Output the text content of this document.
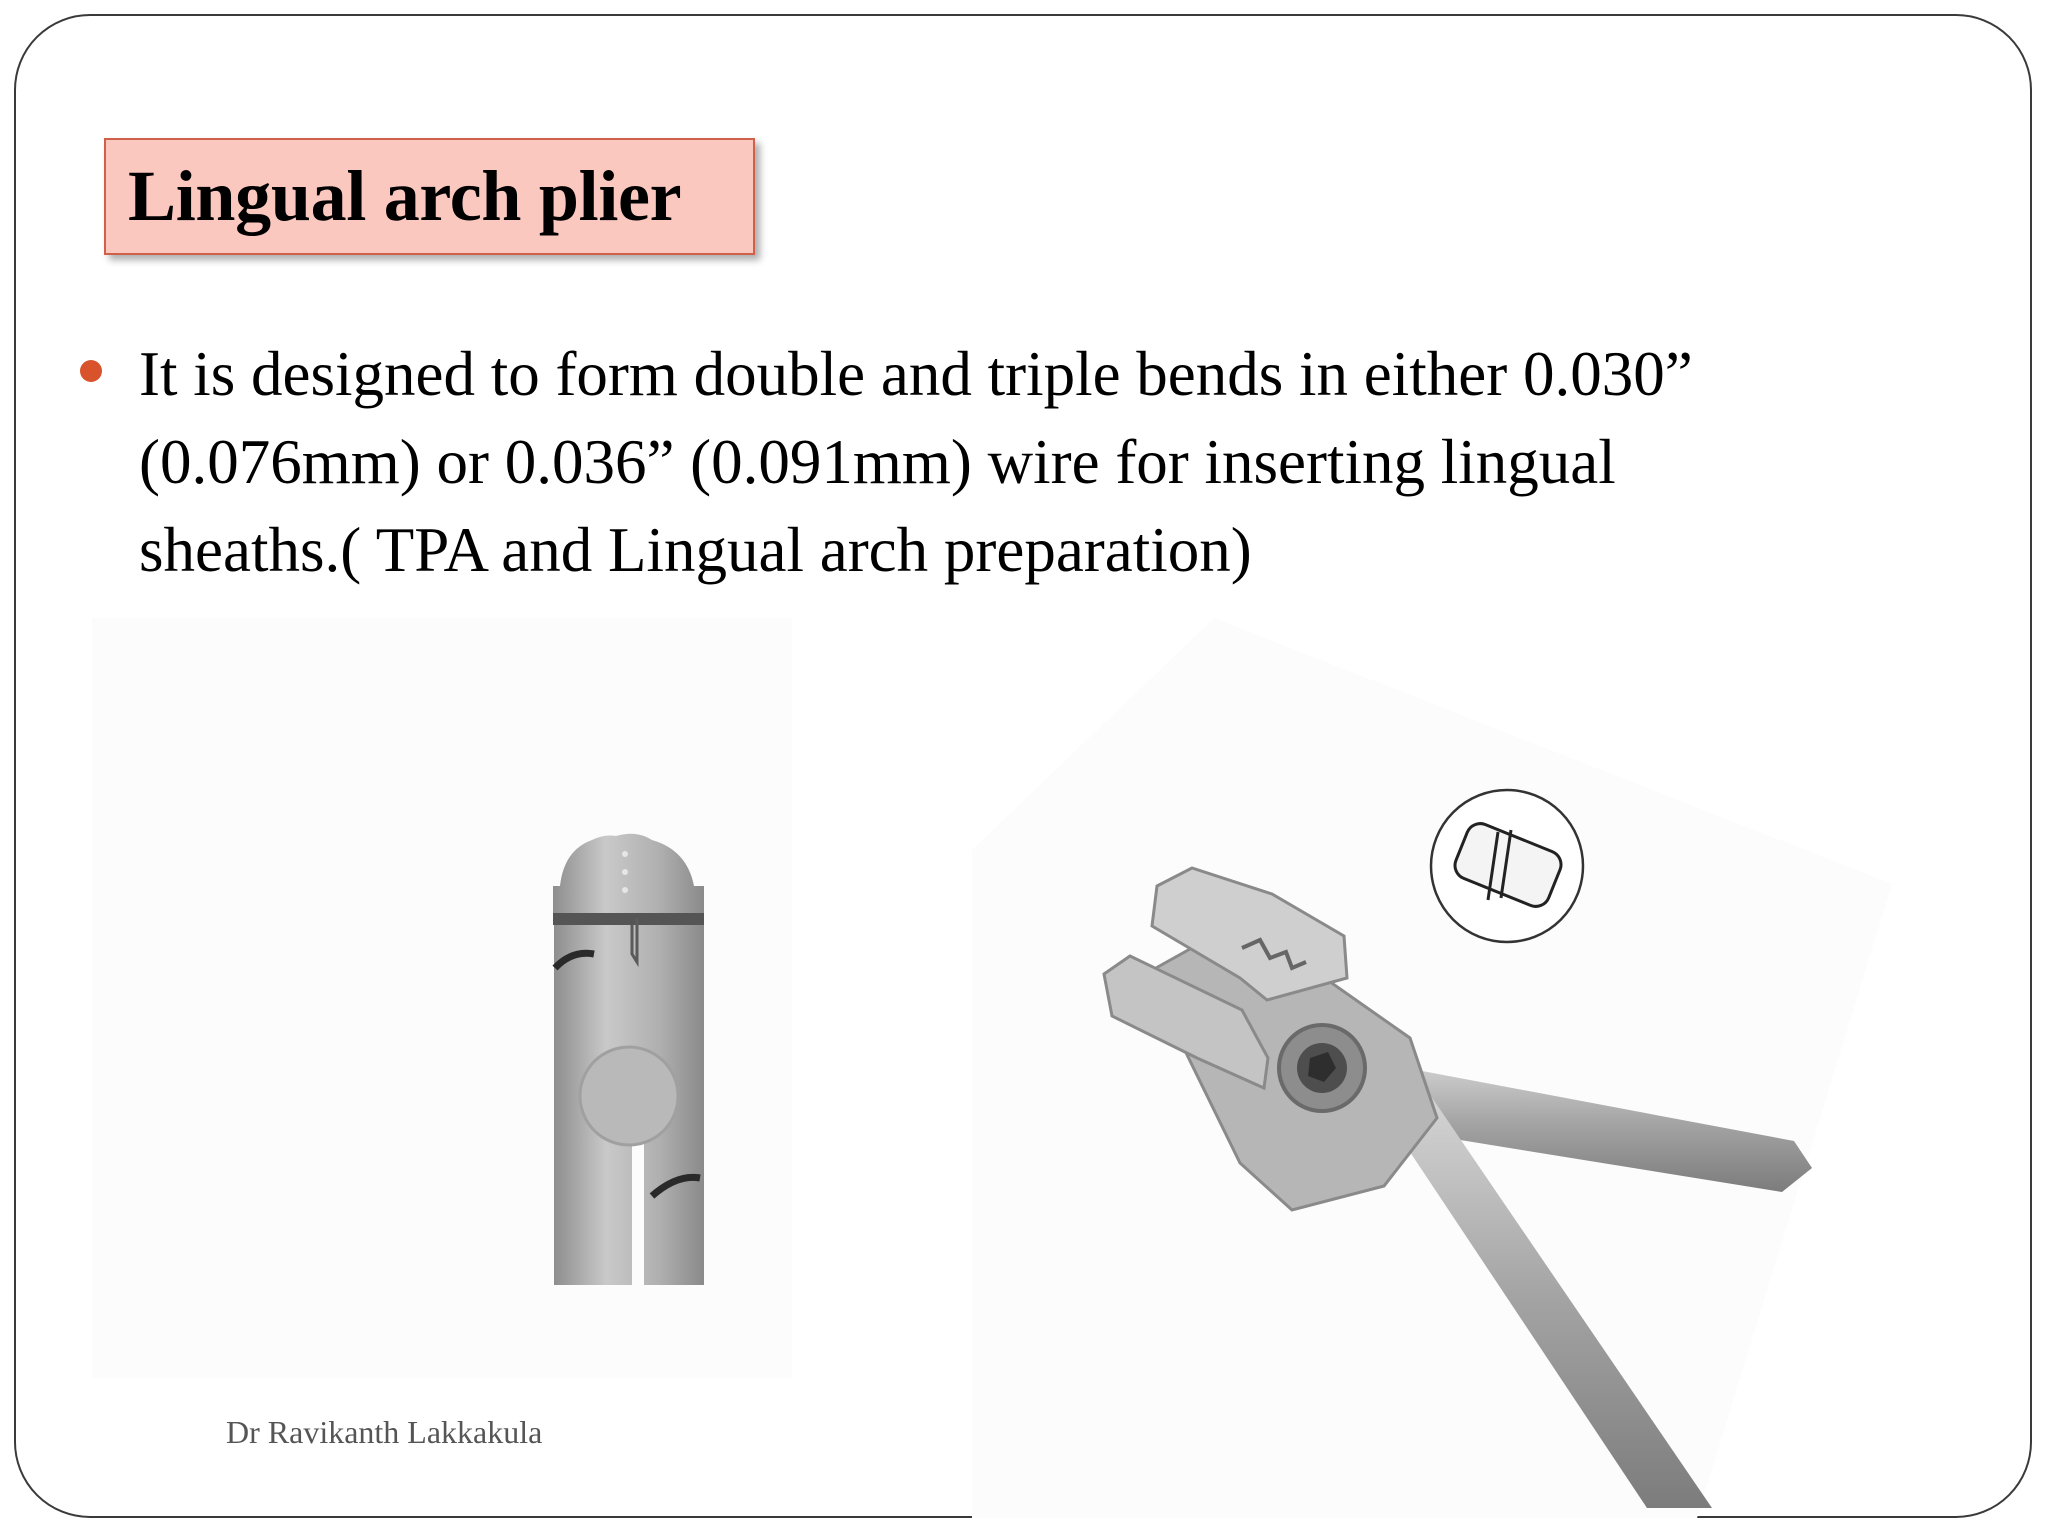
Lingual arch plier
It is designed to form double and triple bends in either 0.030”
(0.076mm) or 0.036” (0.091mm) wire for inserting lingual
sheaths.( TPA and Lingual arch preparation)
Dr Ravikanth Lakkakula
